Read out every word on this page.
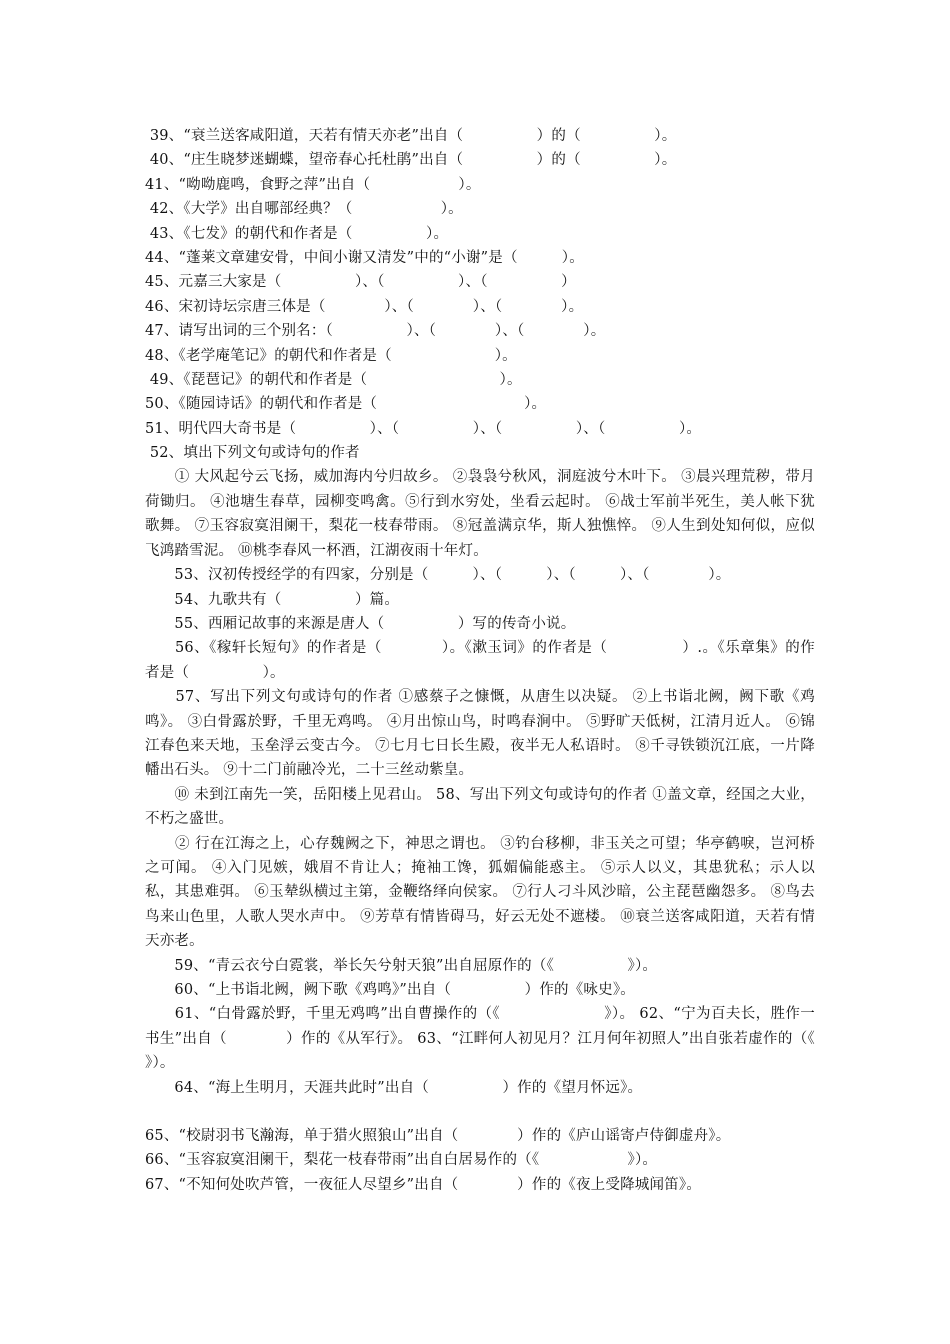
39、“衰兰送客咸阳道，天若有情天亦老”出自（　　　　　）的（　　　　　）。
40、“庄生晓梦迷蝴蝶，望帝春心托杜鹃”出自（　　　　　）的（　　　　　）。
41、“呦呦鹿鸣，食野之萍”出自（　　　　　　）。
42、《大学》出自哪部经典？（　　　　　　）。
43、《七发》的朝代和作者是（　　　　　）。
44、“蓬莱文章建安骨，中间小谢又清发”中的“小谢”是（　　　）。
45、元嘉三大家是（　　　　　）、（　　　　　）、（　　　　　）
46、宋初诗坛宗唐三体是（　　　　）、（　　　　）、（　　　　）。
47、请写出词的三个别名：（　　　　　）、（　　　　）、（　　　　）。
48、《老学庵笔记》的朝代和作者是（　　　　　　　）。
49、《琵琶记》的朝代和作者是（　　　　　　　　　）。
50、《随园诗话》的朝代和作者是（　　　　　　　　　　）。
51、明代四大奇书是（　　　　　）、（　　　　　）、（　　　　　）、（　　　　　）。
52、填出下列文句或诗句的作者
　　① 大风起兮云飞扬，威加海内兮归故乡。 ②袅袅兮秋风，洞庭波兮木叶下。 ③晨兴理荒秽，带月荷锄归。 ④池塘生春草，园柳变鸣禽。⑤行到水穷处，坐看云起时。 ⑥战士军前半死生，美人帐下犹歌舞。 ⑦玉容寂寞泪阑干，梨花一枝春带雨。 ⑧冠盖满京华，斯人独憔悴。 ⑨人生到处知何似，应似飞鸿踏雪泥。 ⑩桃李春风一杯酒，江湖夜雨十年灯。
　　53、汉初传授经学的有四家，分别是（　　　）、（　　　）、（　　　）、（　　　　）。
　　54、九歌共有（　　　　　）篇。
　　55、西厢记故事的来源是唐人（　　　　　）写的传奇小说。
　　56、《稼轩长短句》的作者是（　　　　）。《漱玉词》的作者是（　　　　　）.。《乐章集》的作者是（　　　　　）。
　　57、写出下列文句或诗句的作者 ①感蔡子之慷慨，从唐生以决疑。 ②上书诣北阙，阙下歌《鸡鸣》。 ③白骨露於野，千里无鸡鸣。 ④月出惊山鸟，时鸣春涧中。 ⑤野旷天低树，江清月近人。 ⑥锦江春色来天地，玉垒浮云变古今。 ⑦七月七日长生殿，夜半无人私语时。 ⑧千寻铁锁沉江底，一片降幡出石头。 ⑨十二门前融冷光，二十三丝动紫皇。
　　⑩ 未到江南先一笑，岳阳楼上见君山。 58、写出下列文句或诗句的作者 ①盖文章，经国之大业，不朽之盛世。
　　② 行在江海之上，心存魏阙之下，神思之谓也。 ③钓台移柳，非玉关之可望；华亭鹤唳，岂河桥之可闻。 ④入门见嫉，娥眉不肯让人；掩袖工馋，狐媚偏能惑主。 ⑤示人以义，其患犹私；示人以私，其患难弭。 ⑥玉辇纵横过主第，金鞭络绎向侯家。 ⑦行人刁斗风沙暗，公主琵琶幽怨多。 ⑧鸟去鸟来山色里，人歌人哭水声中。 ⑨芳草有情皆碍马，好云无处不遮楼。 ⑩衰兰送客咸阳道，天若有情天亦老。
　　59、“青云衣兮白霓裳，举长矢兮射天狼”出自屈原作的（《　　　　　》）。
　　60、“上书诣北阙，阙下歌《鸡鸣》”出自（　　　　　）作的《咏史》。
　　61、“白骨露於野，千里无鸡鸣”出自曹操作的（《　　　　　　　》）。 62、“宁为百夫长，胜作一书生”出自（　　　　）作的《从军行》。 63、“江畔何人初见月？江月何年初照人”出自张若虚作的（《　　　　　　　》）。
　　64、“海上生明月，天涯共此时”出自（　　　　　）作的《望月怀远》。
65、“校尉羽书飞瀚海，单于猎火照狼山”出自（　　　　）作的《庐山谣寄卢侍御虚舟》。
66、“玉容寂寞泪阑干，梨花一枝春带雨”出自白居易作的（《　　　　　　》）。
67、“不知何处吹芦管，一夜征人尽望乡”出自（　　　　）作的《夜上受降城闻笛》。
